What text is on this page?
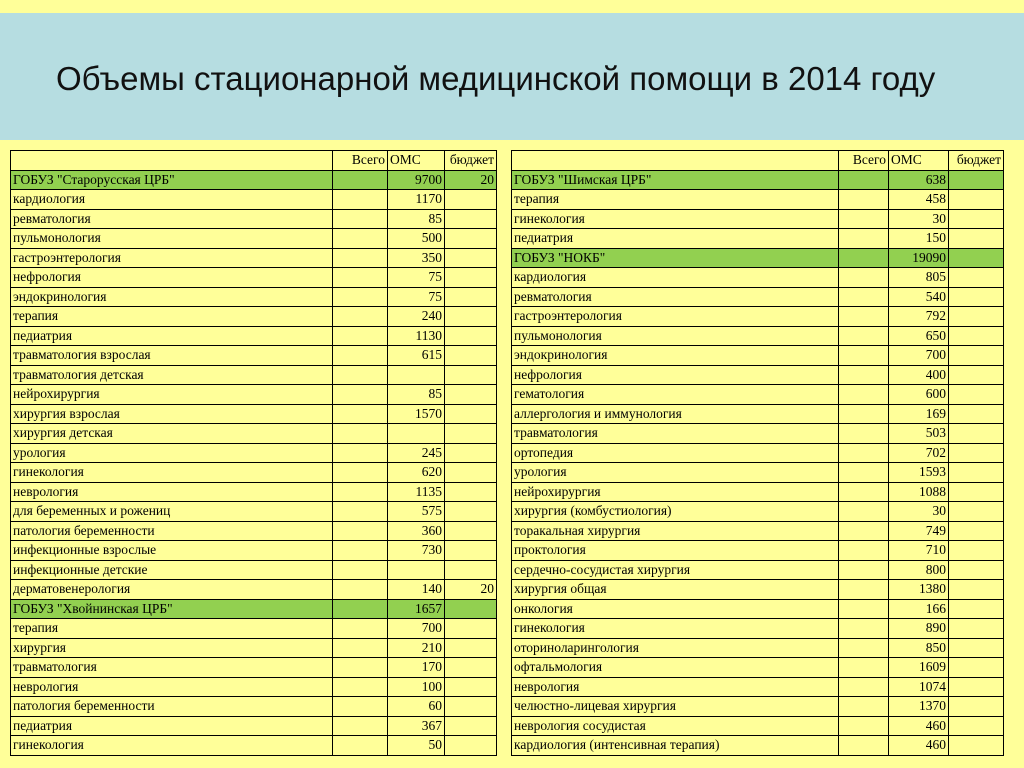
Объемы стационарной медицинской помощи в 2014 году
	Всего	ОМС	бюджет
ГОБУЗ "Старорусская ЦРБ"		9700	20
кардиология		1170	
ревматология		85	
пульмонология		500	
гастроэнтерология		350	
нефрология		75	
эндокринология		75	
терапия		240	
педиатрия		1130	
травматология взрослая		615	
травматология детская			
нейрохирургия		85	
хирургия взрослая		1570	
хирургия детская			
урология		245	
гинекология		620	
неврология		1135	
для беременных и рожениц		575	
патология беременности		360	
инфекционные взрослые		730	
инфекционные детские			
дерматовенерология		140	20
ГОБУЗ "Хвойнинская ЦРБ"		1657	
терапия		700	
хирургия		210	
травматология		170	
неврология		100	
патология беременности		60	
педиатрия		367	
гинекология		50	
	Всего	ОМС	бюджет
ГОБУЗ "Шимская ЦРБ"		638	
терапия		458	
гинекология		30	
педиатрия		150	
ГОБУЗ "НОКБ"		19090	
кардиология		805	
ревматология		540	
гастроэнтерология		792	
пульмонология		650	
эндокринология		700	
нефрология		400	
гематология		600	
аллергология и иммунология		169	
травматология		503	
ортопедия		702	
урология		1593	
нейрохирургия		1088	
хирургия (комбустиология)		30	
торакальная хирургия		749	
проктология		710	
сердечно-сосудистая хирургия		800	
хирургия общая		1380	
онкология		166	
гинекология		890	
оториноларингология		850	
офтальмология		1609	
неврология		1074	
челюстно-лицевая хирургия		1370	
неврология сосудистая		460	
кардиология (интенсивная терапия)		460	
